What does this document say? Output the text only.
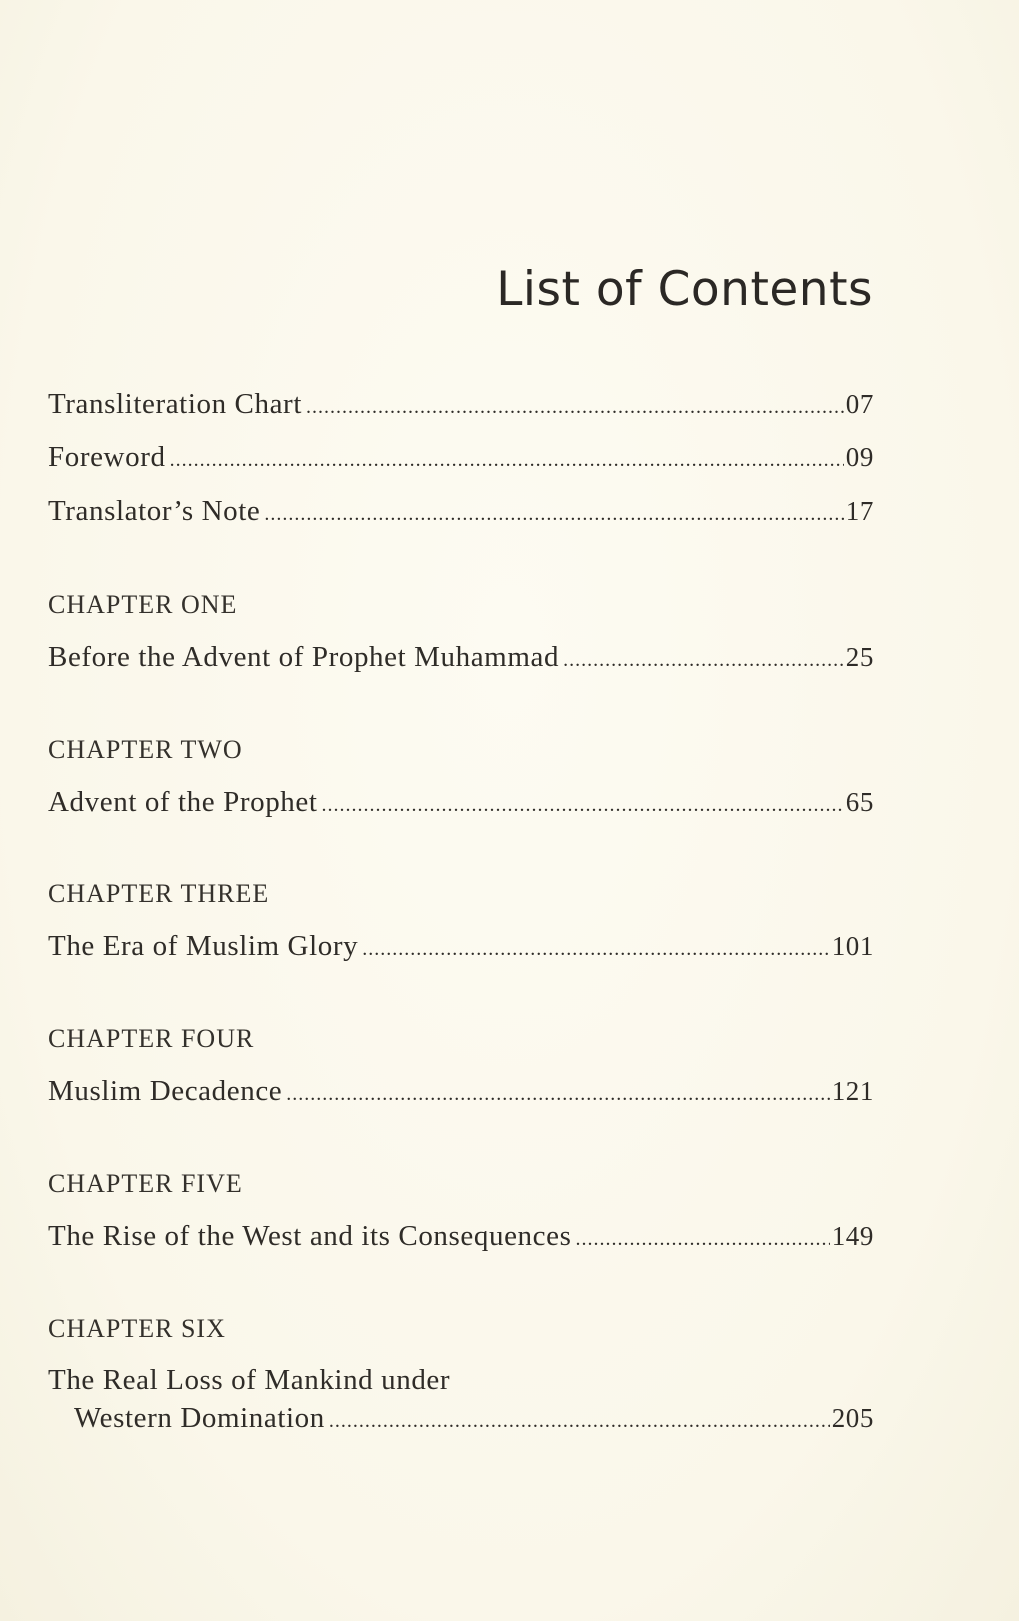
List of Contents
Transliteration Chart .....	07
Foreword .....	09
Translator’s Note .....	17
CHAPTER ONE
Before the Advent of Prophet Muhammad .....	25
CHAPTER TWO
Advent of the Prophet .....	65
CHAPTER THREE
The Era of Muslim Glory .....	101
CHAPTER FOUR
Muslim Decadence .....	121
CHAPTER FIVE
The Rise of the West and its Consequences .....	149
CHAPTER SIX
The Real Loss of Mankind under
Western Domination .....	205
